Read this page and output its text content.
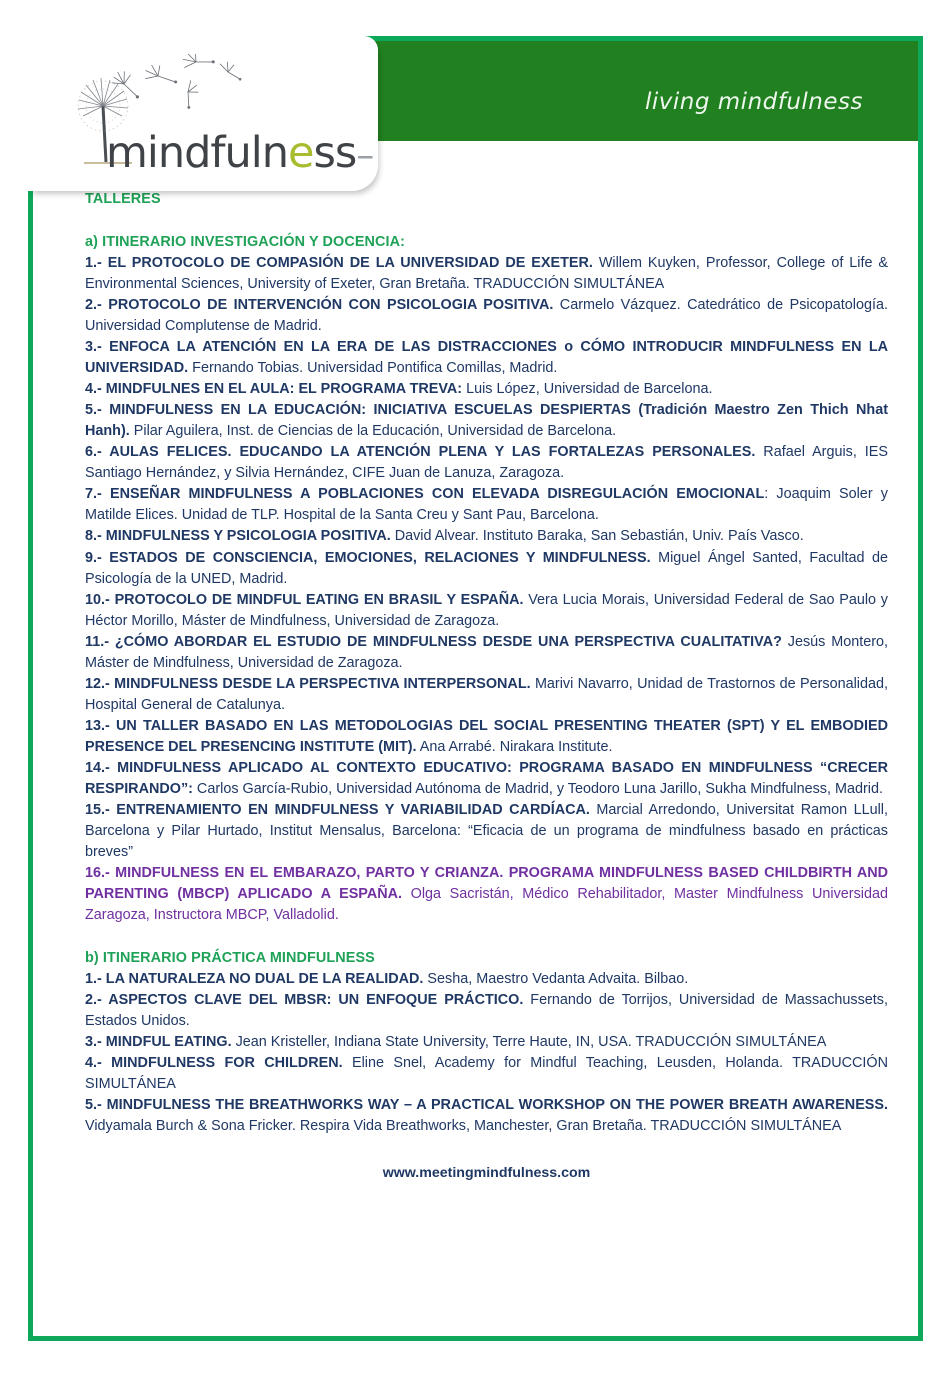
living mindfulness
mindfulness–
TALLERES
a) ITINERARIO INVESTIGACIÓN Y DOCENCIA:

1.- EL PROTOCOLO DE COMPASIÓN DE LA UNIVERSIDAD DE EXETER. Willem Kuyken, Professor, College of Life & Environmental Sciences, University of Exeter, Gran Bretaña. TRADUCCIÓN SIMULTÁNEA

2.- PROTOCOLO DE INTERVENCIÓN CON PSICOLOGIA POSITIVA. Carmelo Vázquez. Catedrático de Psicopatología. Universidad Complutense de Madrid.

3.- ENFOCA LA ATENCIÓN EN LA ERA DE LAS DISTRACCIONES o CÓMO INTRODUCIR MINDFULNESS EN LA UNIVERSIDAD. Fernando Tobias. Universidad Pontifica Comillas, Madrid.

4.- MINDFULNES EN EL AULA: EL PROGRAMA TREVA: Luis López, Universidad de Barcelona.

5.- MINDFULNESS EN LA EDUCACIÓN: INICIATIVA ESCUELAS DESPIERTAS (Tradición Maestro Zen Thich Nhat Hanh). Pilar Aguilera, Inst. de Ciencias de la Educación, Universidad de Barcelona.

6.- AULAS FELICES. EDUCANDO LA ATENCIÓN PLENA Y LAS FORTALEZAS PERSONALES. Rafael Arguis, IES Santiago Hernández, y Silvia Hernández, CIFE Juan de Lanuza, Zaragoza.

7.- ENSEÑAR MINDFULNESS A POBLACIONES CON ELEVADA DISREGULACIÓN EMOCIONAL: Joaquim Soler y Matilde Elices. Unidad de TLP. Hospital de la Santa Creu y Sant Pau, Barcelona.

8.- MINDFULNESS Y PSICOLOGIA POSITIVA. David Alvear. Instituto Baraka, San Sebastián, Univ. País Vasco.

9.- ESTADOS DE CONSCIENCIA, EMOCIONES, RELACIONES Y MINDFULNESS. Miguel Ángel Santed, Facultad de Psicología de la UNED, Madrid.

10.- PROTOCOLO DE MINDFUL EATING EN BRASIL Y ESPAÑA. Vera Lucia Morais, Universidad Federal de Sao Paulo y Héctor Morillo, Máster de Mindfulness, Universidad de Zaragoza.

11.- ¿CÓMO ABORDAR EL ESTUDIO DE MINDFULNESS DESDE UNA PERSPECTIVA CUALITATIVA? Jesús Montero, Máster de Mindfulness, Universidad de Zaragoza.

12.- MINDFULNESS DESDE LA PERSPECTIVA INTERPERSONAL. Marivi Navarro, Unidad de Trastornos de Personalidad, Hospital General de Catalunya.

13.- UN TALLER BASADO EN LAS METODOLOGIAS DEL SOCIAL PRESENTING THEATER (SPT) Y EL EMBODIED PRESENCE DEL PRESENCING INSTITUTE (MIT). Ana Arrabé. Nirakara Institute.

14.- MINDFULNESS APLICADO AL CONTEXTO EDUCATIVO: PROGRAMA BASADO EN MINDFULNESS “CRECER RESPIRANDO”: Carlos García-Rubio, Universidad Autónoma de Madrid, y Teodoro Luna Jarillo, Sukha Mindfulness, Madrid.

15.- ENTRENAMIENTO EN MINDFULNESS Y VARIABILIDAD CARDÍACA. Marcial Arredondo, Universitat Ramon LLull, Barcelona y Pilar Hurtado, Institut Mensalus, Barcelona: “Eficacia de un programa de mindfulness basado en prácticas breves”

16.- MINDFULNESS EN EL EMBARAZO, PARTO Y CRIANZA. PROGRAMA MINDFULNESS BASED CHILDBIRTH AND PARENTING (MBCP) APLICADO A ESPAÑA. Olga Sacristán, Médico Rehabilitador, Master Mindfulness Universidad Zaragoza, Instructora MBCP, Valladolid.

b) ITINERARIO PRÁCTICA MINDFULNESS

1.- LA NATURALEZA NO DUAL DE LA REALIDAD. Sesha, Maestro Vedanta Advaita. Bilbao.

2.- ASPECTOS CLAVE DEL MBSR: UN ENFOQUE PRÁCTICO. Fernando de Torrijos, Universidad de Massachussets, Estados Unidos.

3.- MINDFUL EATING. Jean Kristeller, Indiana State University, Terre Haute, IN, USA. TRADUCCIÓN SIMULTÁNEA

4.- MINDFULNESS FOR CHILDREN. Eline Snel, Academy for Mindful Teaching, Leusden, Holanda. TRADUCCIÓN SIMULTÁNEA

5.- MINDFULNESS THE BREATHWORKS WAY – A PRACTICAL WORKSHOP ON THE POWER BREATH AWARENESS. Vidyamala Burch & Sona Fricker. Respira Vida Breathworks, Manchester, Gran Bretaña. TRADUCCIÓN SIMULTÁNEA

www.meetingmindfulness.com
